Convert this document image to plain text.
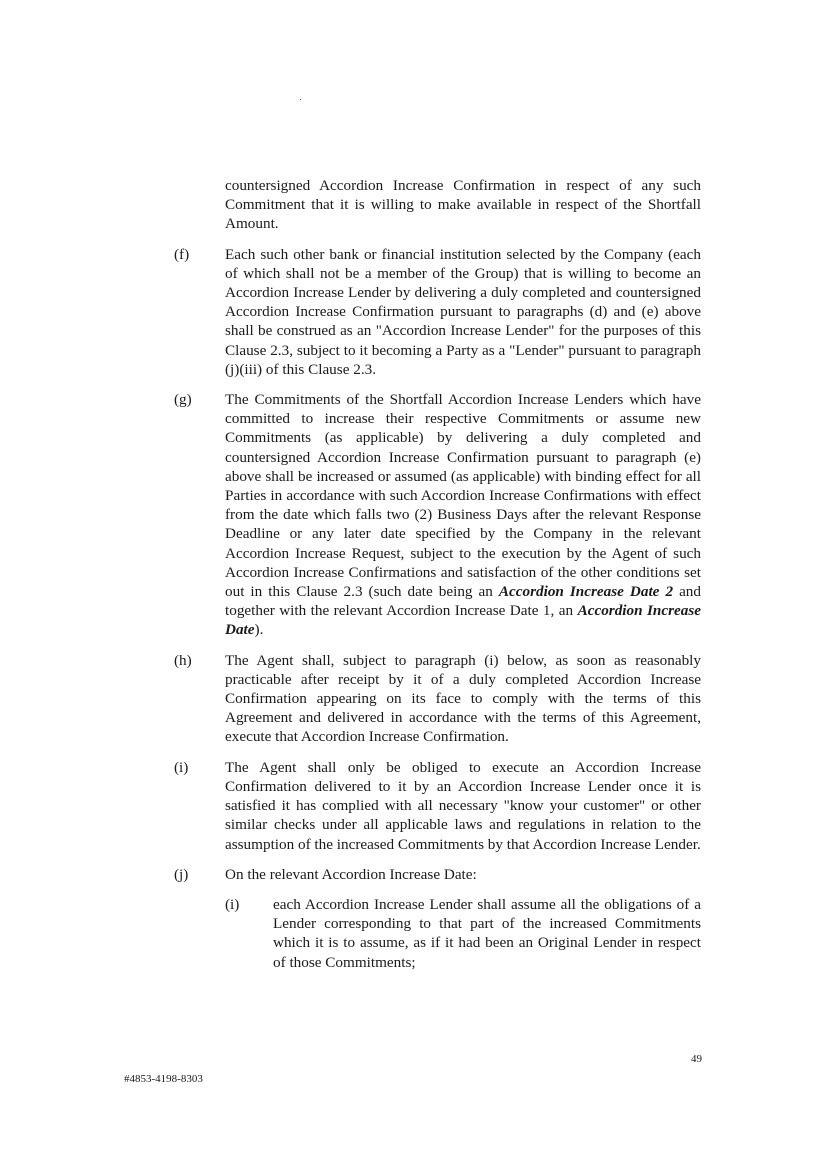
countersigned Accordion Increase Confirmation in respect of any such Commitment that it is willing to make available in respect of the Shortfall Amount.

(f) Each such other bank or financial institution selected by the Company (each of which shall not be a member of the Group) that is willing to become an Accordion Increase Lender by delivering a duly completed and countersigned Accordion Increase Confirmation pursuant to paragraphs (d) and (e) above shall be construed as an "Accordion Increase Lender" for the purposes of this Clause 2.3, subject to it becoming a Party as a "Lender" pursuant to paragraph (j)(iii) of this Clause 2.3.
(g) The Commitments of the Shortfall Accordion Increase Lenders which have committed to increase their respective Commitments or assume new Commitments (as applicable) by delivering a duly completed and countersigned Accordion Increase Confirmation pursuant to paragraph (e) above shall be increased or assumed (as applicable) with binding effect for all Parties in accordance with such Accordion Increase Confirmations with effect from the date which falls two (2) Business Days after the relevant Response Deadline or any later date specified by the Company in the relevant Accordion Increase Request, subject to the execution by the Agent of such Accordion Increase Confirmations and satisfaction of the other conditions set out in this Clause 2.3 (such date being an Accordion Increase Date 2 and together with the relevant Accordion Increase Date 1, an Accordion Increase Date).
(h) The Agent shall, subject to paragraph (i) below, as soon as reasonably practicable after receipt by it of a duly completed Accordion Increase Confirmation appearing on its face to comply with the terms of this Agreement and delivered in accordance with the terms of this Agreement, execute that Accordion Increase Confirmation.
(i) The Agent shall only be obliged to execute an Accordion Increase Confirmation delivered to it by an Accordion Increase Lender once it is satisfied it has complied with all necessary "know your customer" or other similar checks under all applicable laws and regulations in relation to the assumption of the increased Commitments by that Accordion Increase Lender.
(j) On the relevant Accordion Increase Date:
(i) each Accordion Increase Lender shall assume all the obligations of a Lender corresponding to that part of the increased Commitments which it is to assume, as if it had been an Original Lender in respect of those Commitments;
49
#4853-4198-8303
